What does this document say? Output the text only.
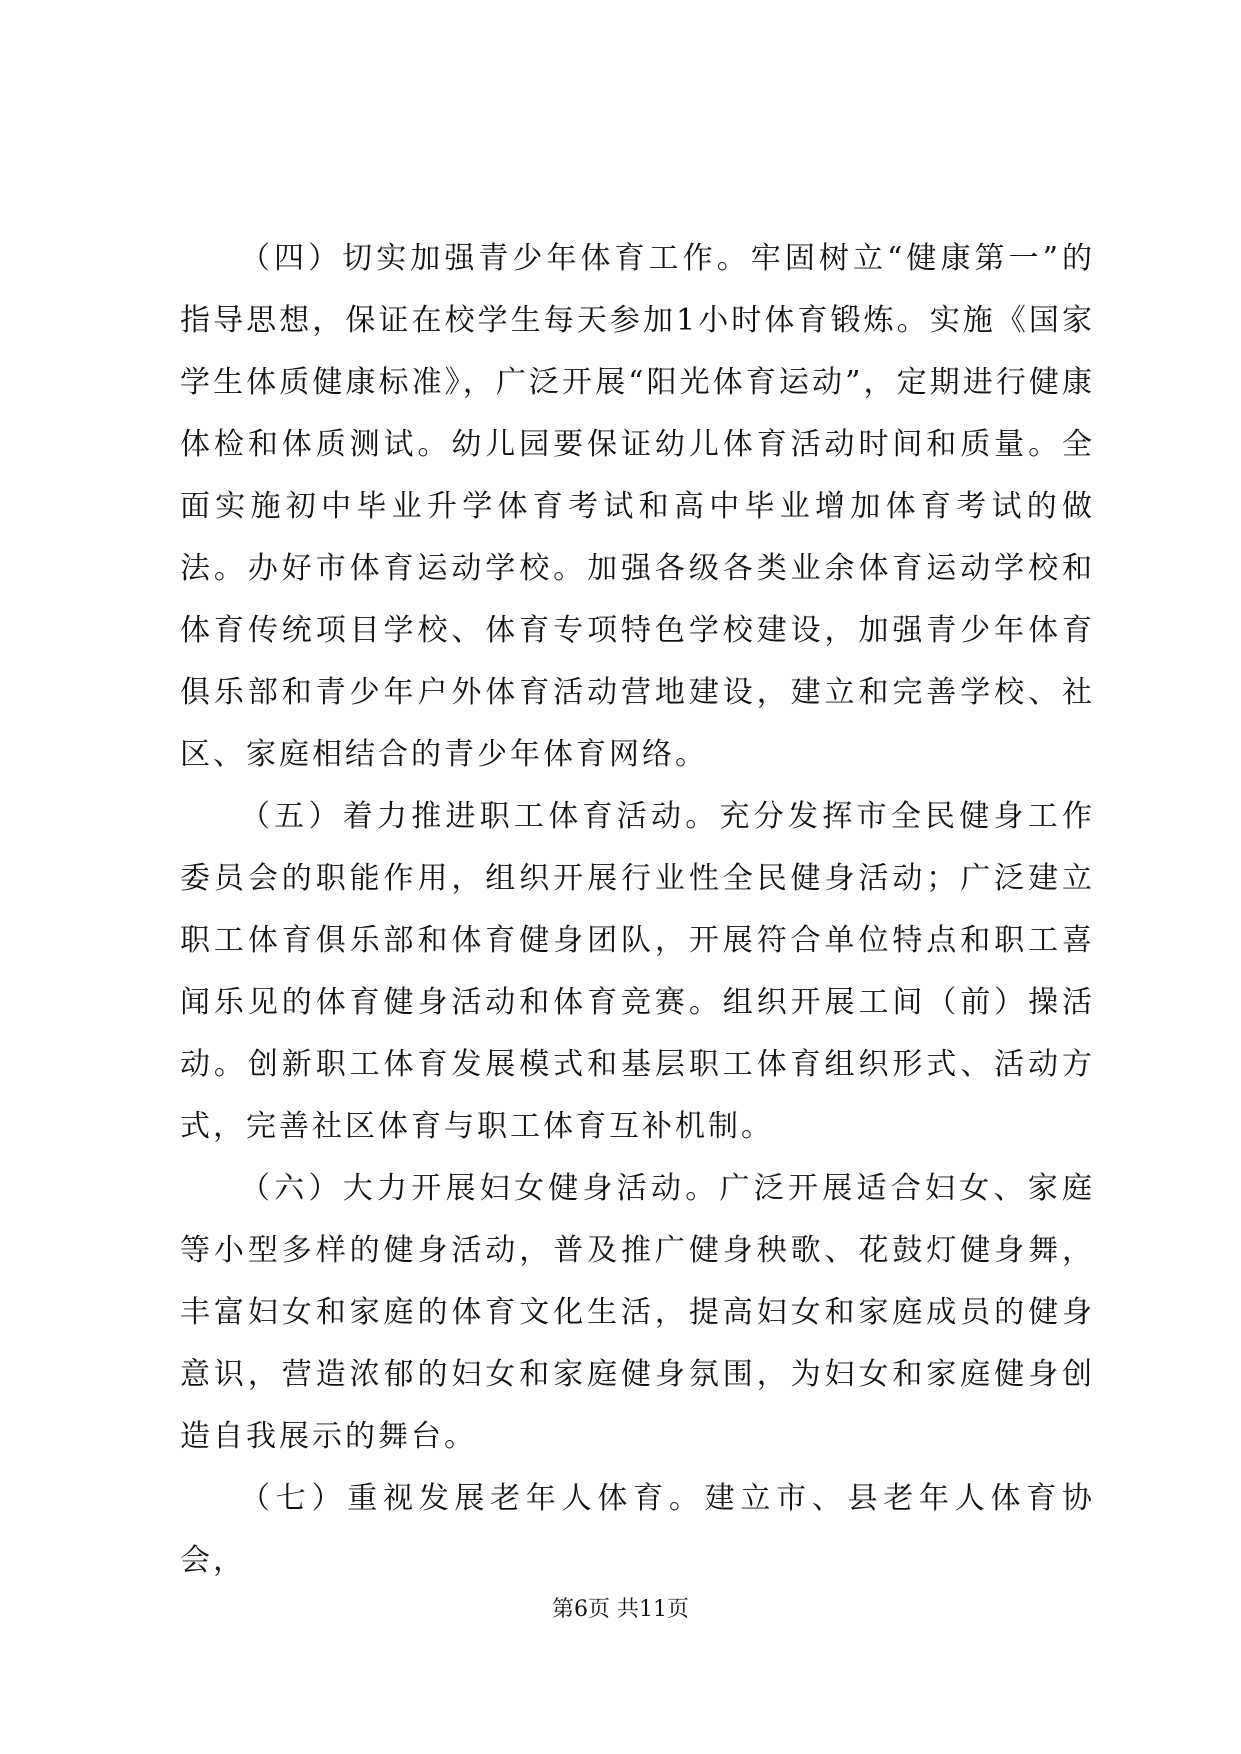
（四）切实加强青少年体育工作。牢固树立“健康第一”的指导思想，保证在校学生每天参加1小时体育锻炼。实施《国家学生体质健康标准》，广泛开展“阳光体育运动”，定期进行健康体检和体质测试。幼儿园要保证幼儿体育活动时间和质量。全面实施初中毕业升学体育考试和高中毕业增加体育考试的做法。办好市体育运动学校。加强各级各类业余体育运动学校和体育传统项目学校、体育专项特色学校建设，加强青少年体育俱乐部和青少年户外体育活动营地建设，建立和完善学校、社区、家庭相结合的青少年体育网络。

（五）着力推进职工体育活动。充分发挥市全民健身工作委员会的职能作用，组织开展行业性全民健身活动；广泛建立职工体育俱乐部和体育健身团队，开展符合单位特点和职工喜闻乐见的体育健身活动和体育竞赛。组织开展工间（前）操活动。创新职工体育发展模式和基层职工体育组织形式、活动方式，完善社区体育与职工体育互补机制。

（六）大力开展妇女健身活动。广泛开展适合妇女、家庭等小型多样的健身活动，普及推广健身秧歌、花鼓灯健身舞，丰富妇女和家庭的体育文化生活，提高妇女和家庭成员的健身意识，营造浓郁的妇女和家庭健身氛围，为妇女和家庭健身创造自我展示的舞台。

（七）重视发展老年人体育。建立市、县老年人体育协会，

第6页 共11页
